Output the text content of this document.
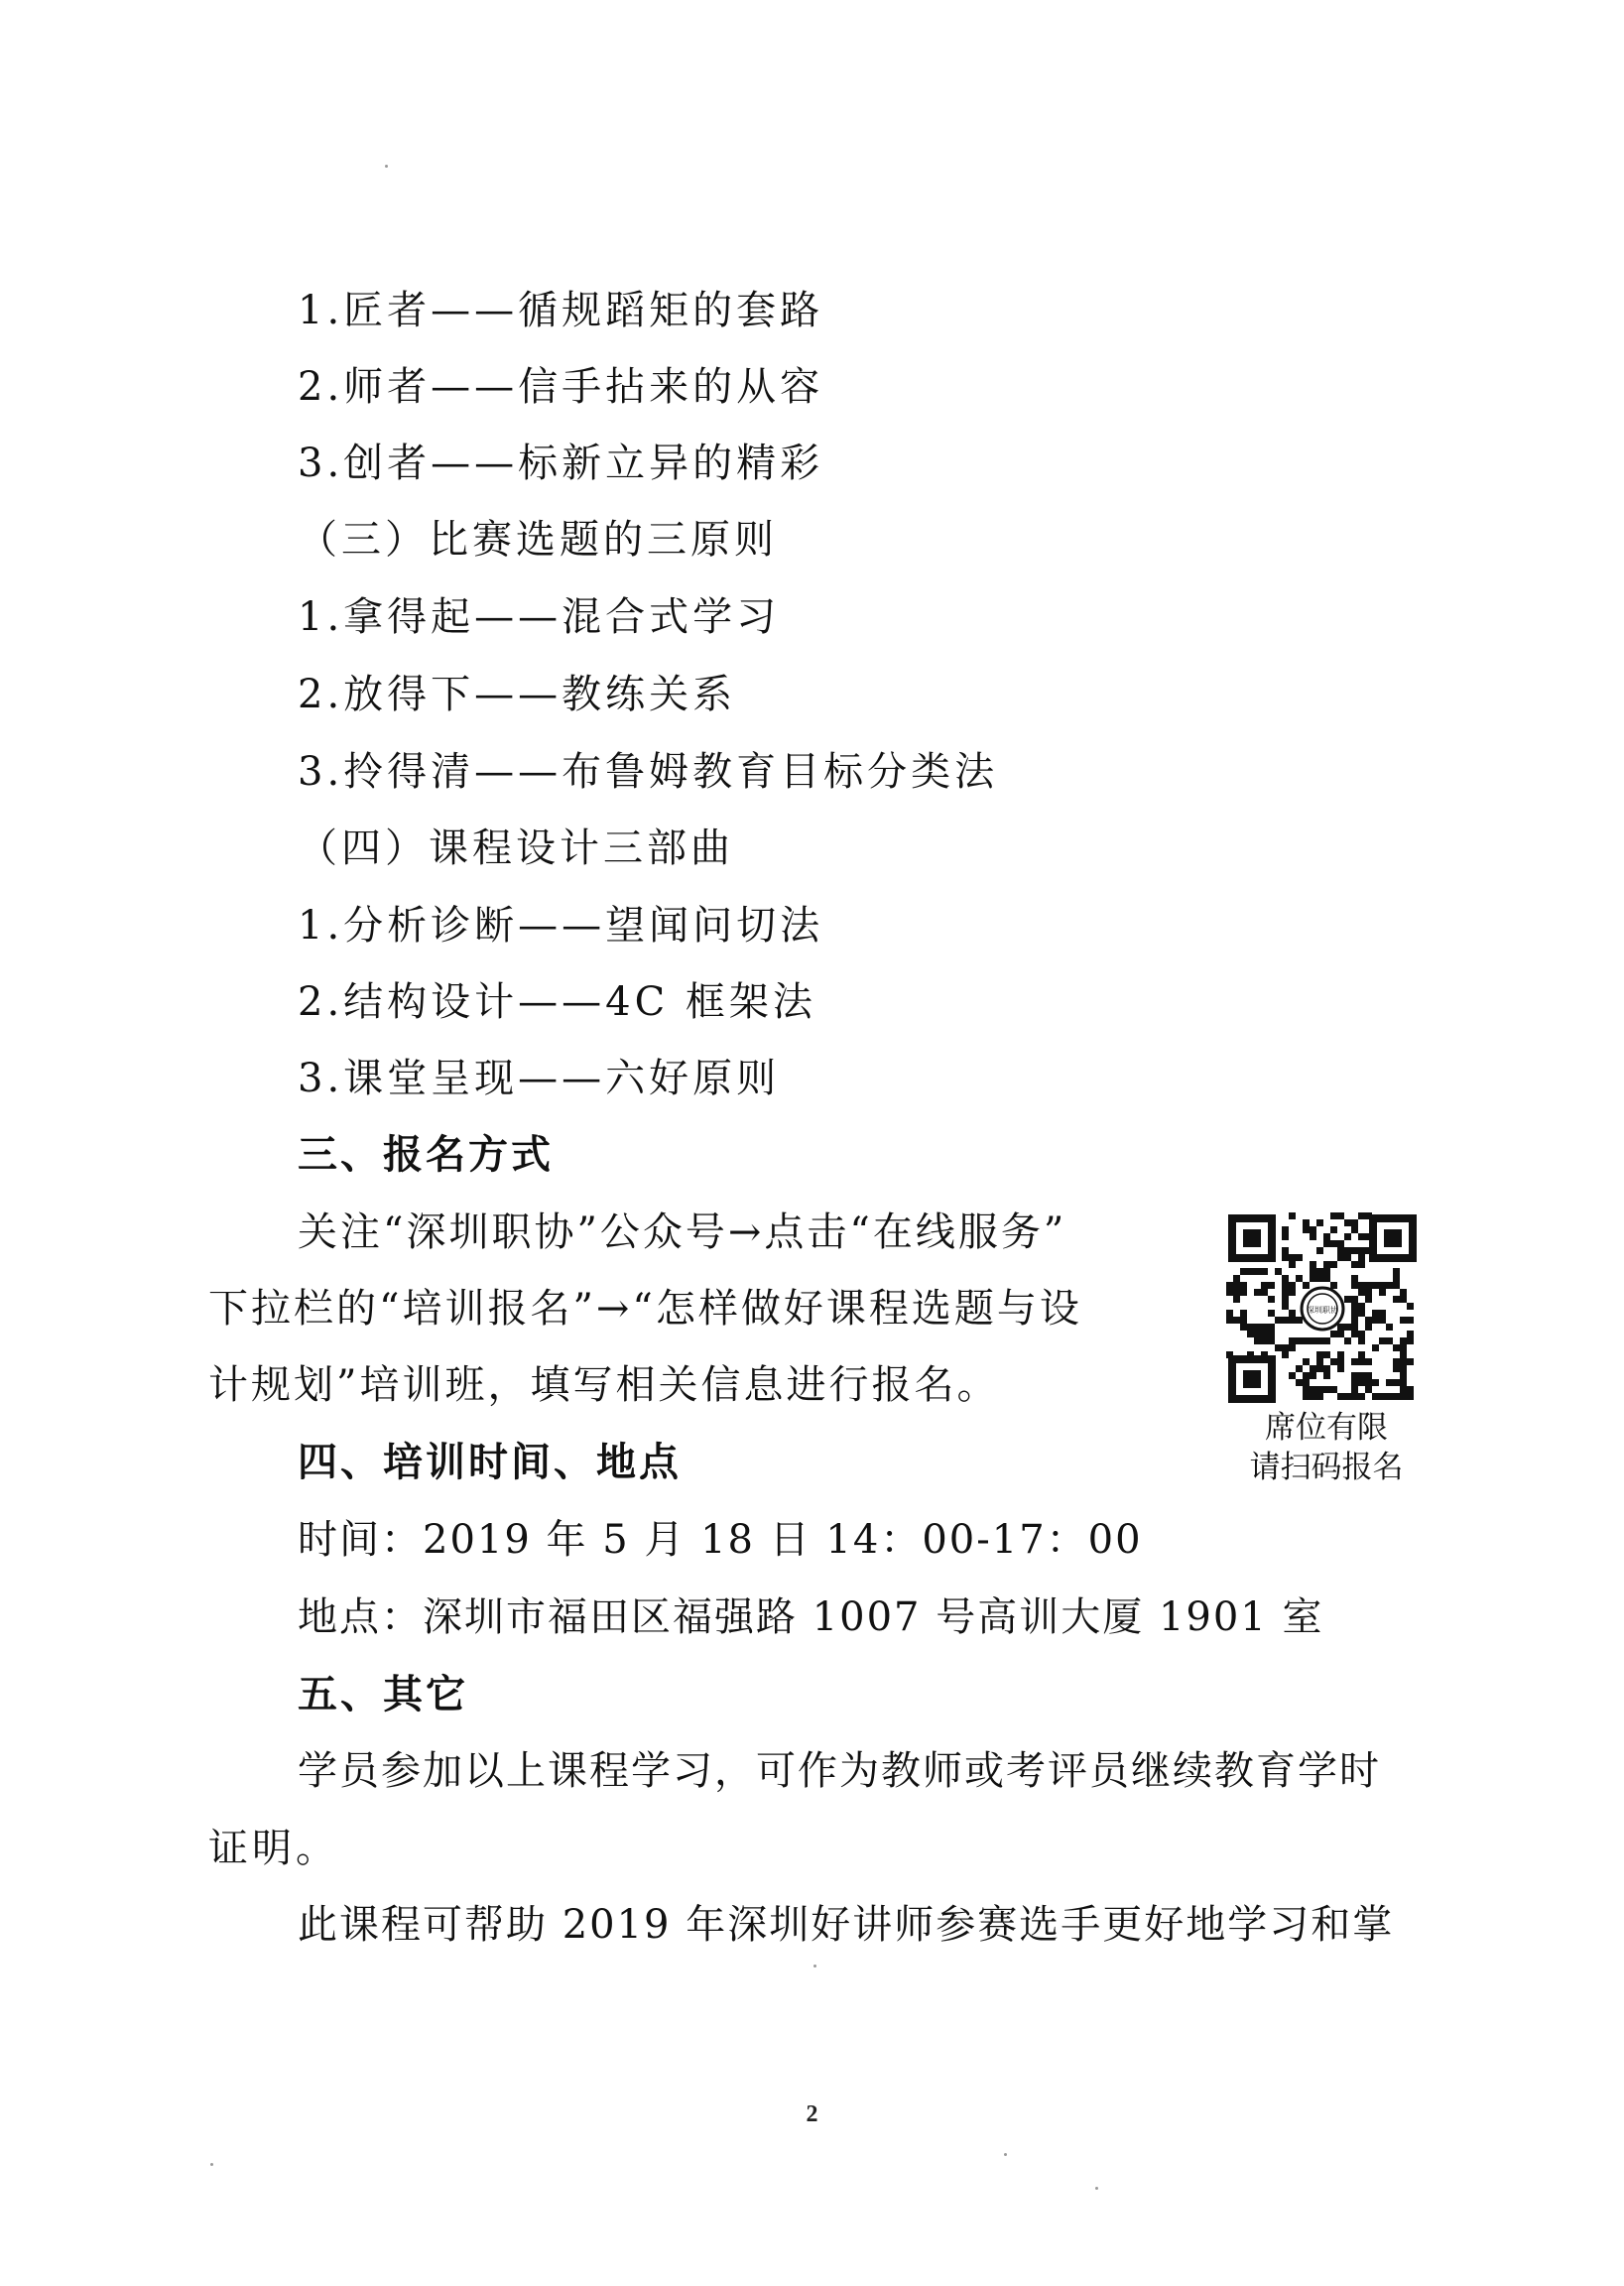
1.匠者——循规蹈矩的套路
2.师者——信手拈来的从容
3.创者——标新立异的精彩
（三）比赛选题的三原则
1.拿得起——混合式学习
2.放得下——教练关系
3.拎得清——布鲁姆教育目标分类法
（四）课程设计三部曲
1.分析诊断——望闻问切法
2.结构设计——4C 框架法
3.课堂呈现——六好原则
三、报名方式
关注“深圳职协”公众号→点击“在线服务”
下拉栏的“培训报名”→“怎样做好课程选题与设
计规划”培训班，填写相关信息进行报名。
四、培训时间、地点
时间：2019 年 5 月 18 日 14：00-17：00
地点：深圳市福田区福强路 1007 号高训大厦 1901 室
五、其它
学员参加以上课程学习，可作为教师或考评员继续教育学时
证明。
此课程可帮助 2019 年深圳好讲师参赛选手更好地学习和掌
深圳职协
席位有限
请扫码报名
2
